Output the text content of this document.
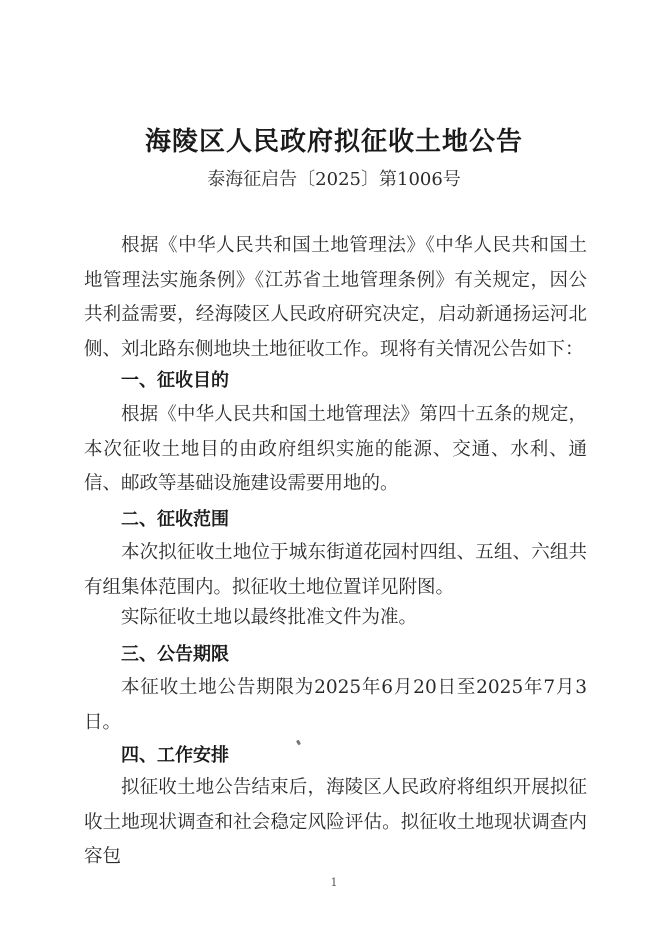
海陵区人民政府拟征收土地公告
泰海征启告〔2025〕第1006号

根据《中华人民共和国土地管理法》《中华人民共和国土地管理法实施条例》《江苏省土地管理条例》有关规定，因公共利益需要，经海陵区人民政府研究决定，启动新通扬运河北侧、刘北路东侧地块土地征收工作。现将有关情况公告如下：

一、征收目的

根据《中华人民共和国土地管理法》第四十五条的规定，本次征收土地目的由政府组织实施的能源、交通、水利、通信、邮政等基础设施建设需要用地的。

二、征收范围

本次拟征收土地位于城东街道花园村四组、五组、六组共有组集体范围内。拟征收土地位置详见附图。

实际征收土地以最终批准文件为准。

三、公告期限

本征收土地公告期限为2025年6月20日至2025年7月3日。

四、工作安排

拟征收土地公告结束后，海陵区人民政府将组织开展拟征收土地现状调查和社会稳定风险评估。拟征收土地现状调查内容包

1
